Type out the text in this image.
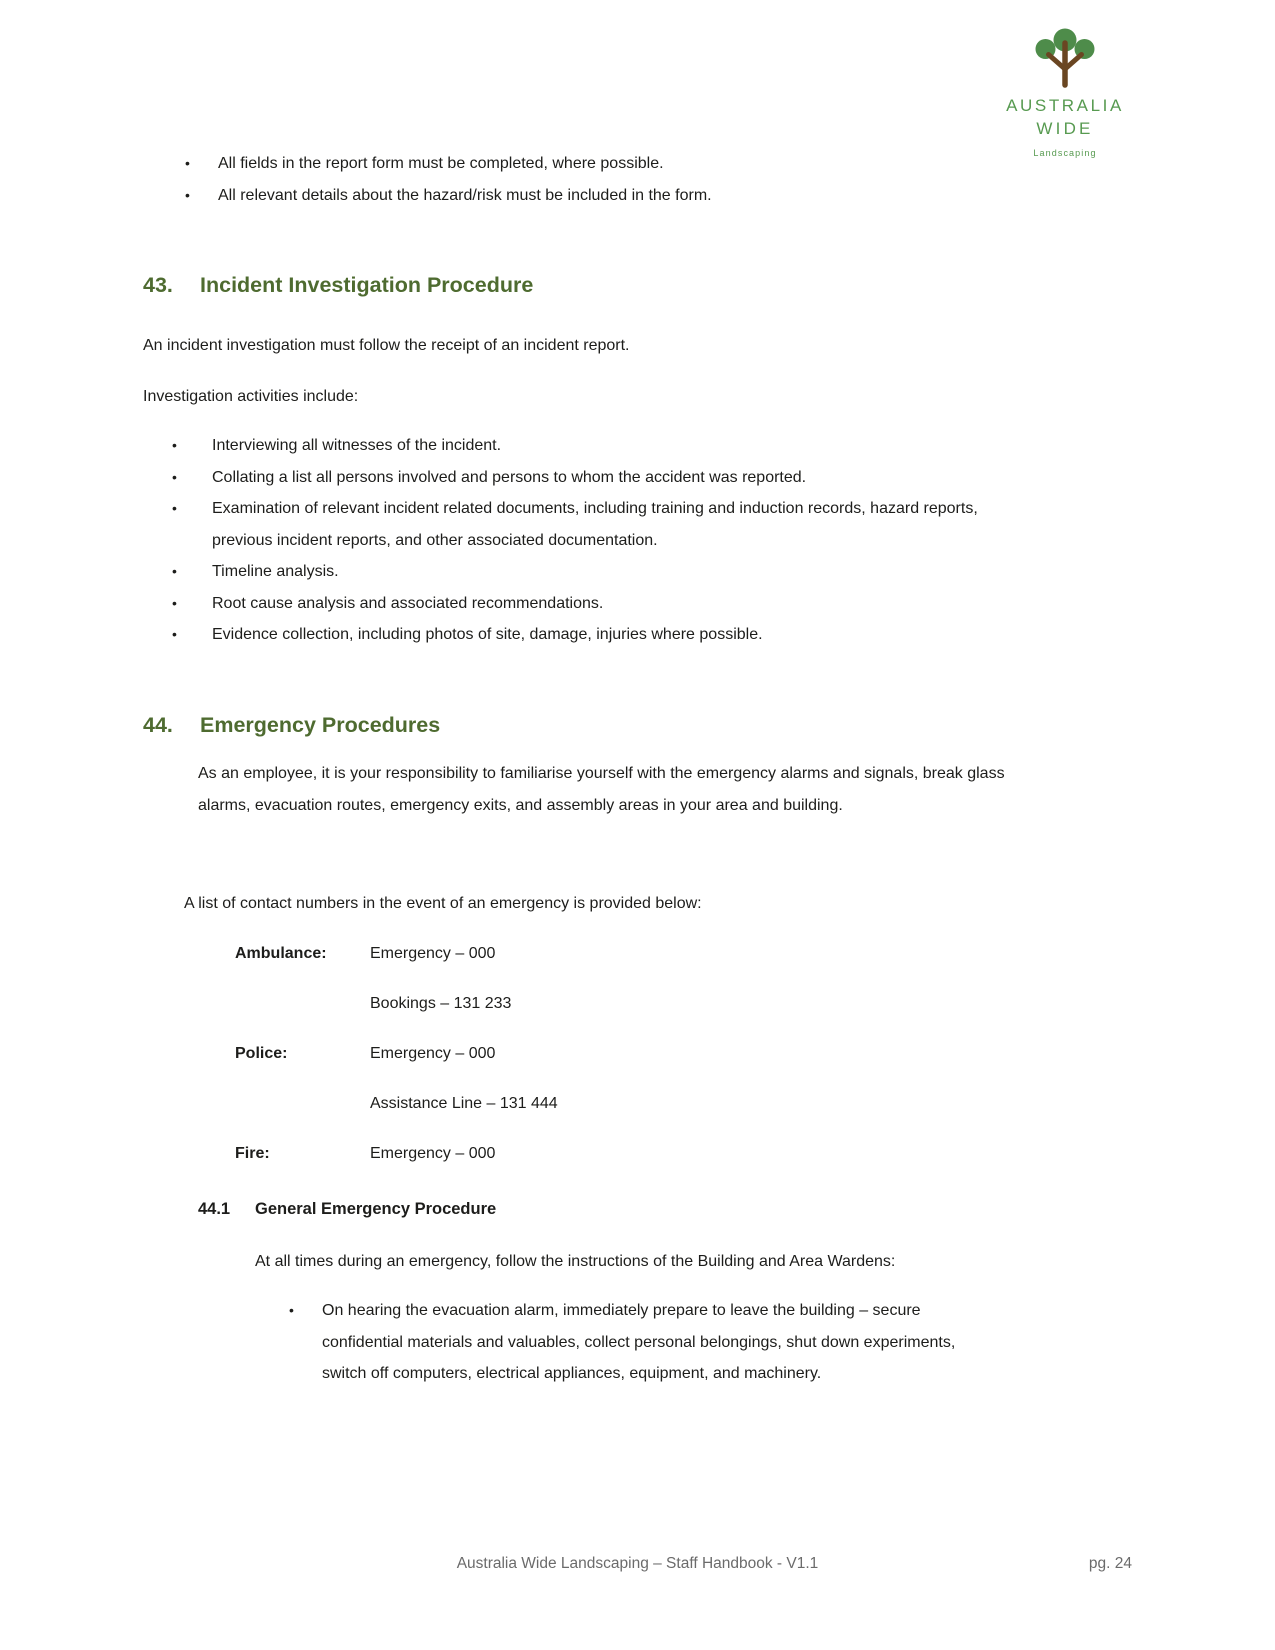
AUSTRALIA
WIDE
Landscaping
•	All fields in the report form must be completed, where possible.
•	All relevant details about the hazard/risk must be included in the form.
43. Incident Investigation Procedure
An incident investigation must follow the receipt of an incident report.
Investigation activities include:
•	Interviewing all witnesses of the incident.
•	Collating a list all persons involved and persons to whom the accident was reported.
•	Examination of relevant incident related documents, including training and induction records, hazard reports, previous incident reports, and other associated documentation.
•	Timeline analysis.
•	Root cause analysis and associated recommendations.
•	Evidence collection, including photos of site, damage, injuries where possible.
44. Emergency Procedures
As an employee, it is your responsibility to familiarise yourself with the emergency alarms and signals, break glass alarms, evacuation routes, emergency exits, and assembly areas in your area and building.
A list of contact numbers in the event of an emergency is provided below:
Ambulance:	Emergency – 000
Bookings – 131 233
Police:	Emergency – 000
Assistance Line – 131 444
Fire:	Emergency – 000
44.1 General Emergency Procedure
At all times during an emergency, follow the instructions of the Building and Area Wardens:
•	On hearing the evacuation alarm, immediately prepare to leave the building – secure confidential materials and valuables, collect personal belongings, shut down experiments, switch off computers, electrical appliances, equipment, and machinery.
Australia Wide Landscaping – Staff Handbook - V1.1	pg. 24
